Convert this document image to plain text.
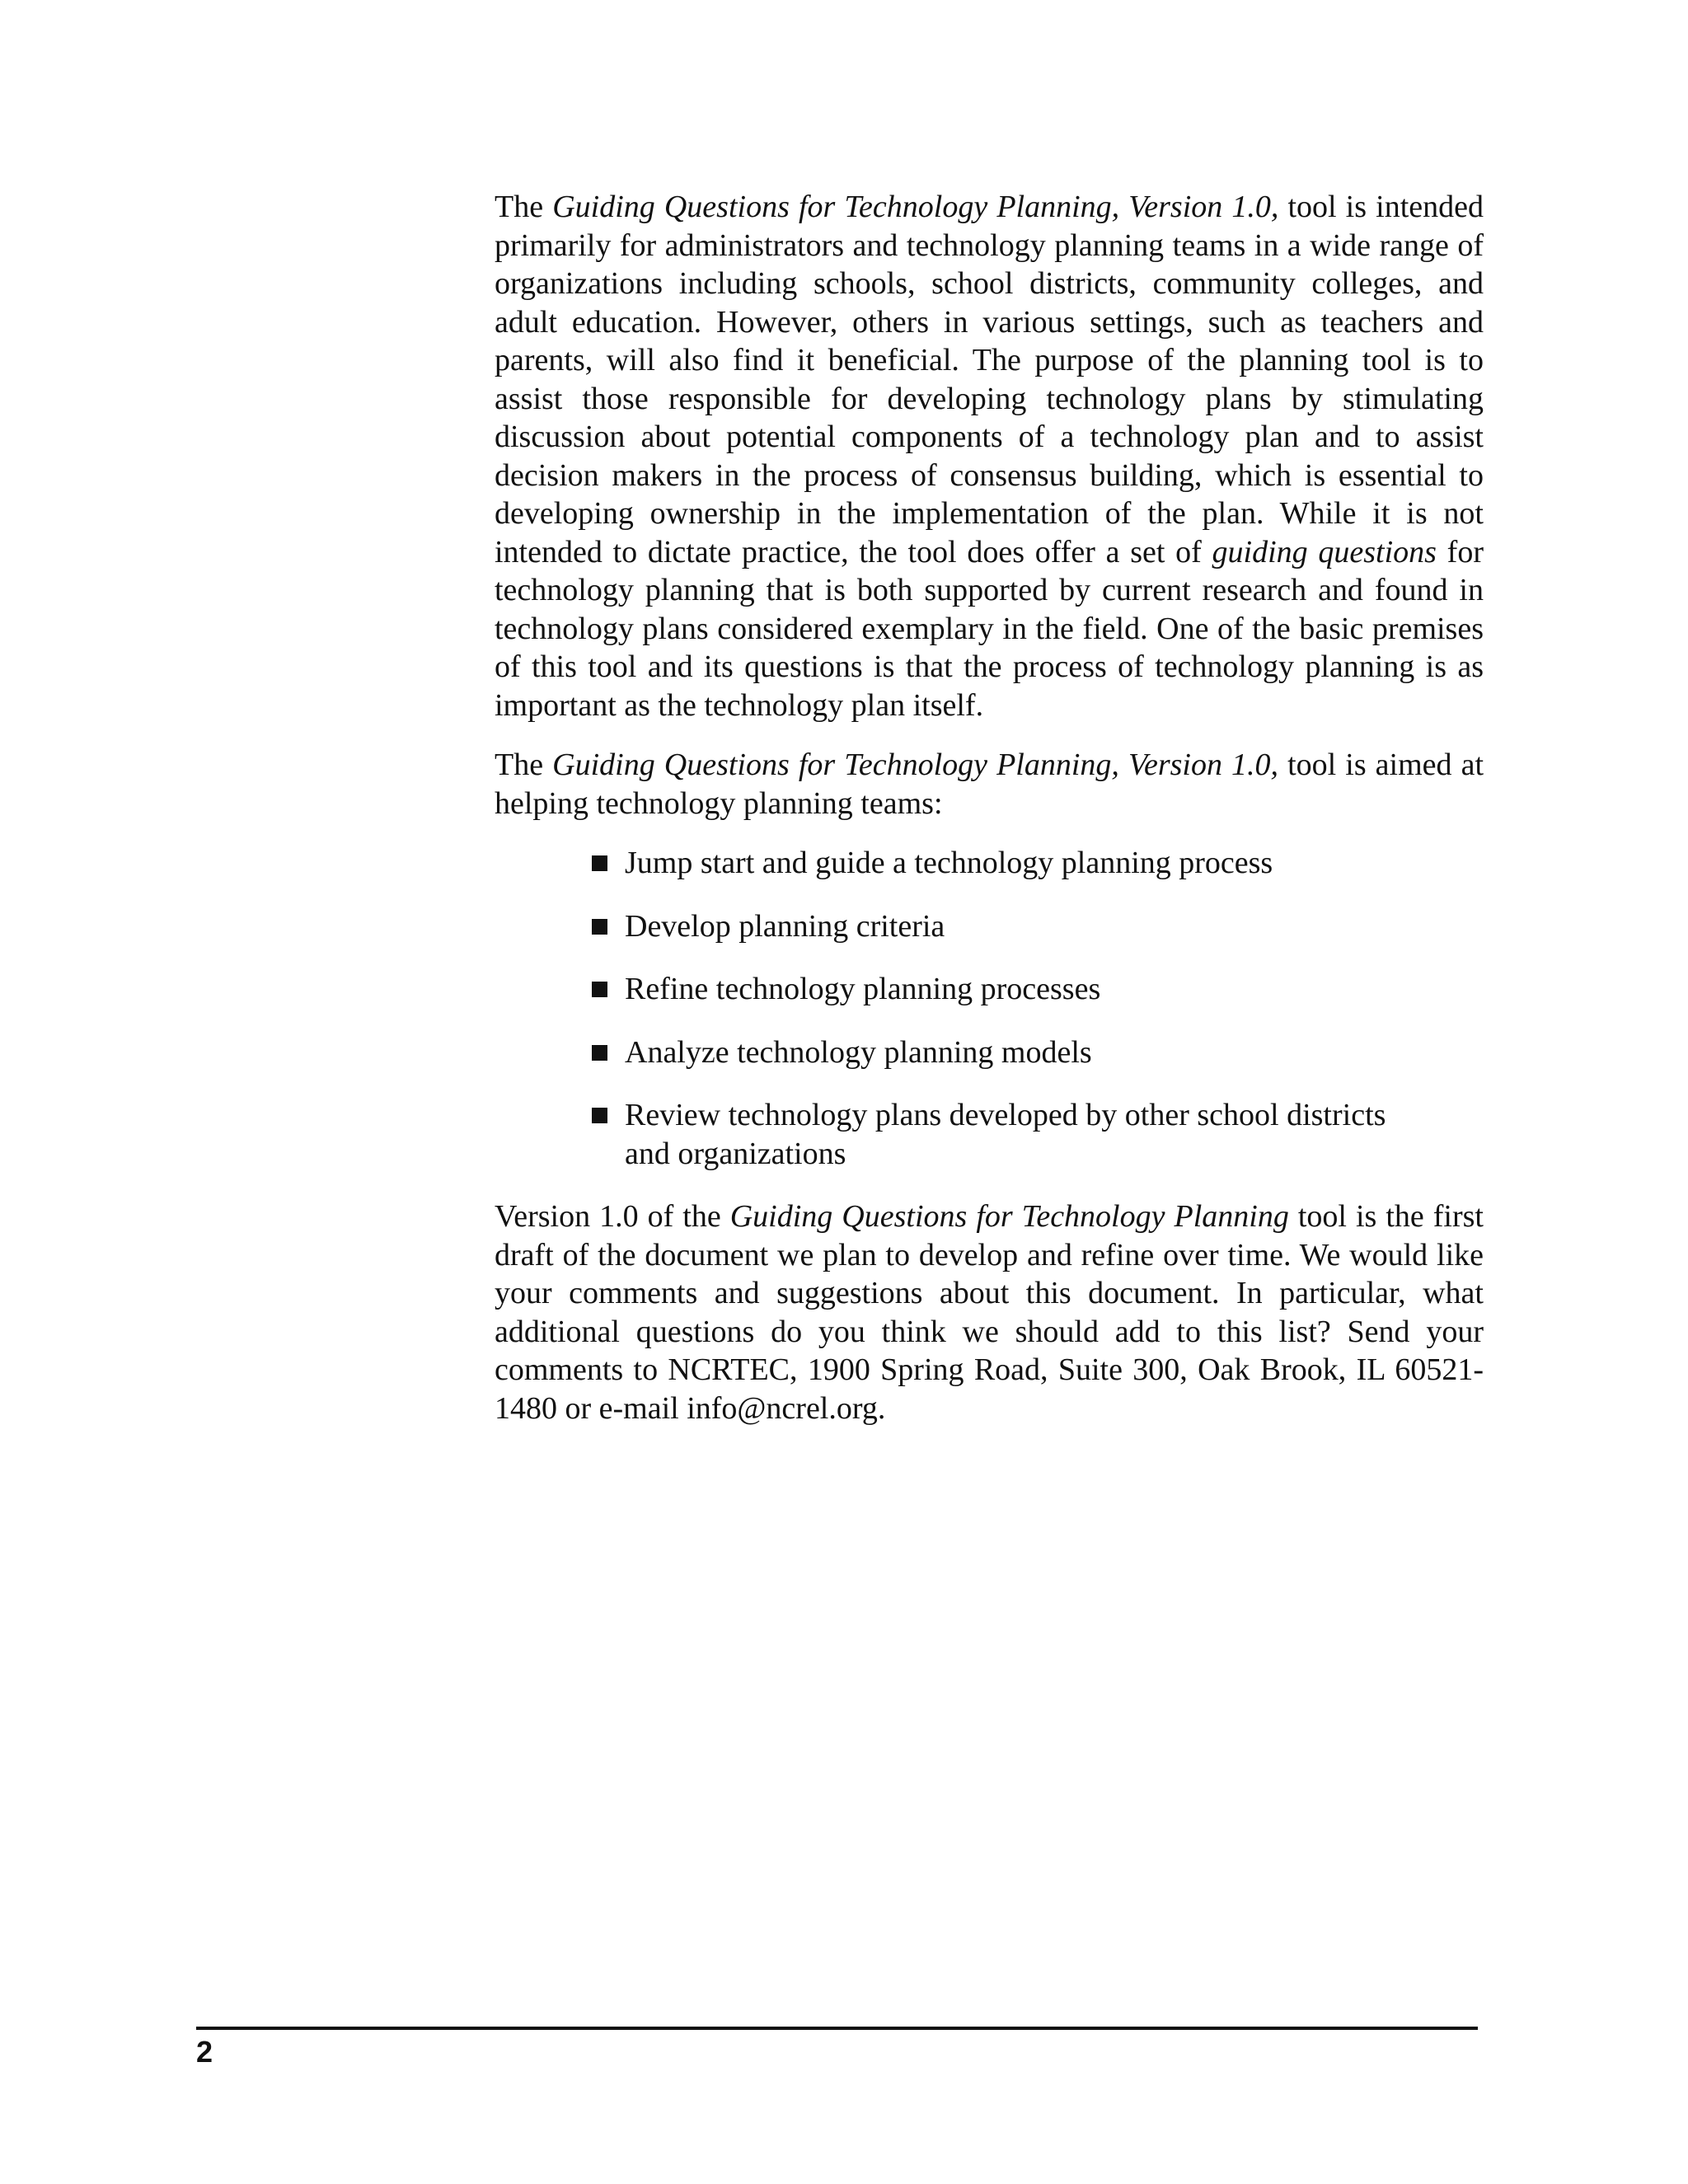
The Guiding Questions for Technology Planning, Version 1.0, tool is intended primarily for administrators and technology planning teams in a wide range of organizations including schools, school districts, community colleges, and adult education. However, others in various settings, such as teachers and parents, will also find it beneficial. The purpose of the planning tool is to assist those responsible for developing technology plans by stimulating discussion about potential components of a technology plan and to assist decision makers in the process of consensus building, which is essential to developing ownership in the implementation of the plan. While it is not intended to dictate practice, the tool does offer a set of guiding questions for technology planning that is both supported by current research and found in technology plans considered exemplary in the field. One of the basic premises of this tool and its questions is that the process of technology planning is as important as the technology plan itself.

The Guiding Questions for Technology Planning, Version 1.0, tool is aimed at helping technology planning teams:

Jump start and guide a technology planning process
Develop planning criteria
Refine technology planning processes
Analyze technology planning models
Review technology plans developed by other school districts and organizations

Version 1.0 of the Guiding Questions for Technology Planning tool is the first draft of the document we plan to develop and refine over time. We would like your comments and suggestions about this document. In particular, what additional questions do you think we should add to this list? Send your comments to NCRTEC, 1900 Spring Road, Suite 300, Oak Brook, IL 60521-1480 or e-mail info@ncrel.org.

2
